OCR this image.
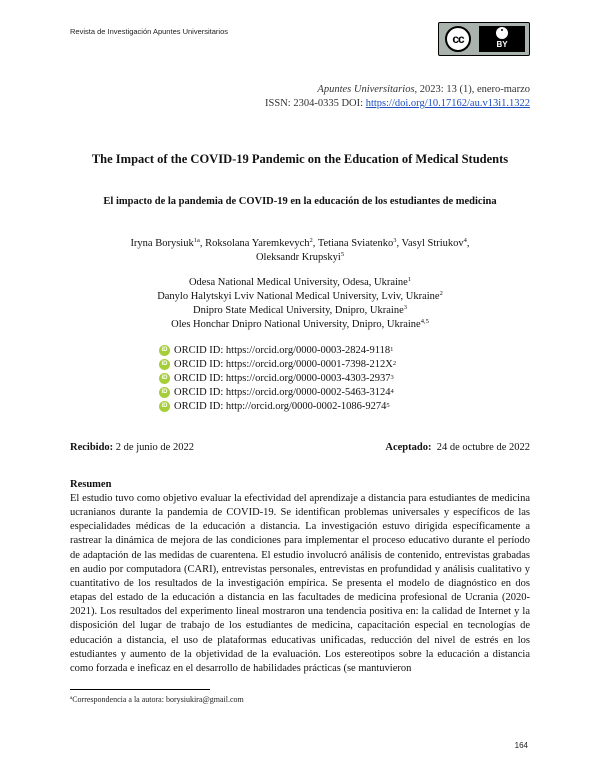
Revista de Investigación Apuntes Universitarios
cc	BY
Apuntes Universitarios, 2023: 13 (1), enero-marzo
ISSN: 2304-0335 DOI: https://doi.org/10.17162/au.v13i1.1322
The Impact of the COVID-19 Pandemic on the Education of Medical Students
El impacto de la pandemia de COVID-19 en la educación de los estudiantes de medicina
Iryna Borysiuk$^{1a}$, Roksolana Yaremkevych$^2$, Tetiana Sviatenko$^3$, Vasyl Striukov$^4$,
Oleksandr Krupskyi$^5$
Odesa National Medical University, Odesa, Ukraine$^1$
Danylo Halytskyi Lviv National Medical University, Lviv, Ukraine$^2$
Dnipro State Medical University, Dnipro, Ukraine$^3$
Oles Honchar Dnipro National University, Dnipro, Ukraine$^{4,5}$
iD ORCID ID: https://orcid.org/0000-0003-2824-9118 1
iD ORCID ID: https://orcid.org/0000-0001-7398-212X 2
iD ORCID ID: https://orcid.org/0000-0003-4303-2937 3
iD ORCID ID: https://orcid.org/0000-0002-5463-3124 4
iD ORCID ID: http://orcid.org/0000-0002-1086-9274 5
Recibido: 2 de junio de 2022	Aceptado:  24 de octubre de 2022
Resumen

El estudio tuvo como objetivo evaluar la efectividad del aprendizaje a distancia para estudiantes de medicina ucranianos durante la pandemia de COVID-19. Se identifican problemas universales y específicos de las especialidades médicas de la educación a distancia. La investigación estuvo dirigida específicamente a rastrear la dinámica de mejora de las condiciones para implementar el proceso educativo durante el período de adaptación de las medidas de cuarentena. El estudio involucró análisis de contenido, entrevistas grabadas en audio por computadora (CARI), entrevistas personales, entrevistas en profundidad y análisis cualitativo y cuantitativo de los resultados de la investigación empírica. Se presenta el modelo de diagnóstico en dos etapas del estado de la educación a distancia en las facultades de medicina profesional de Ucrania (2020-2021). Los resultados del experimento lineal mostraron una tendencia positiva en: la calidad de Internet y la disposición del lugar de trabajo de los estudiantes de medicina, capacitación especial en tecnologías de educación a distancia, el uso de plataformas educativas unificadas, reducción del nivel de estrés en los estudiantes y aumento de la objetividad de la evaluación. Los estereotipos sobre la educación a distancia como forzada e ineficaz en el desarrollo de habilidades prácticas (se mantuvieron

ªCorrespondencia a la autora: borysiukira@gmail.com
164
